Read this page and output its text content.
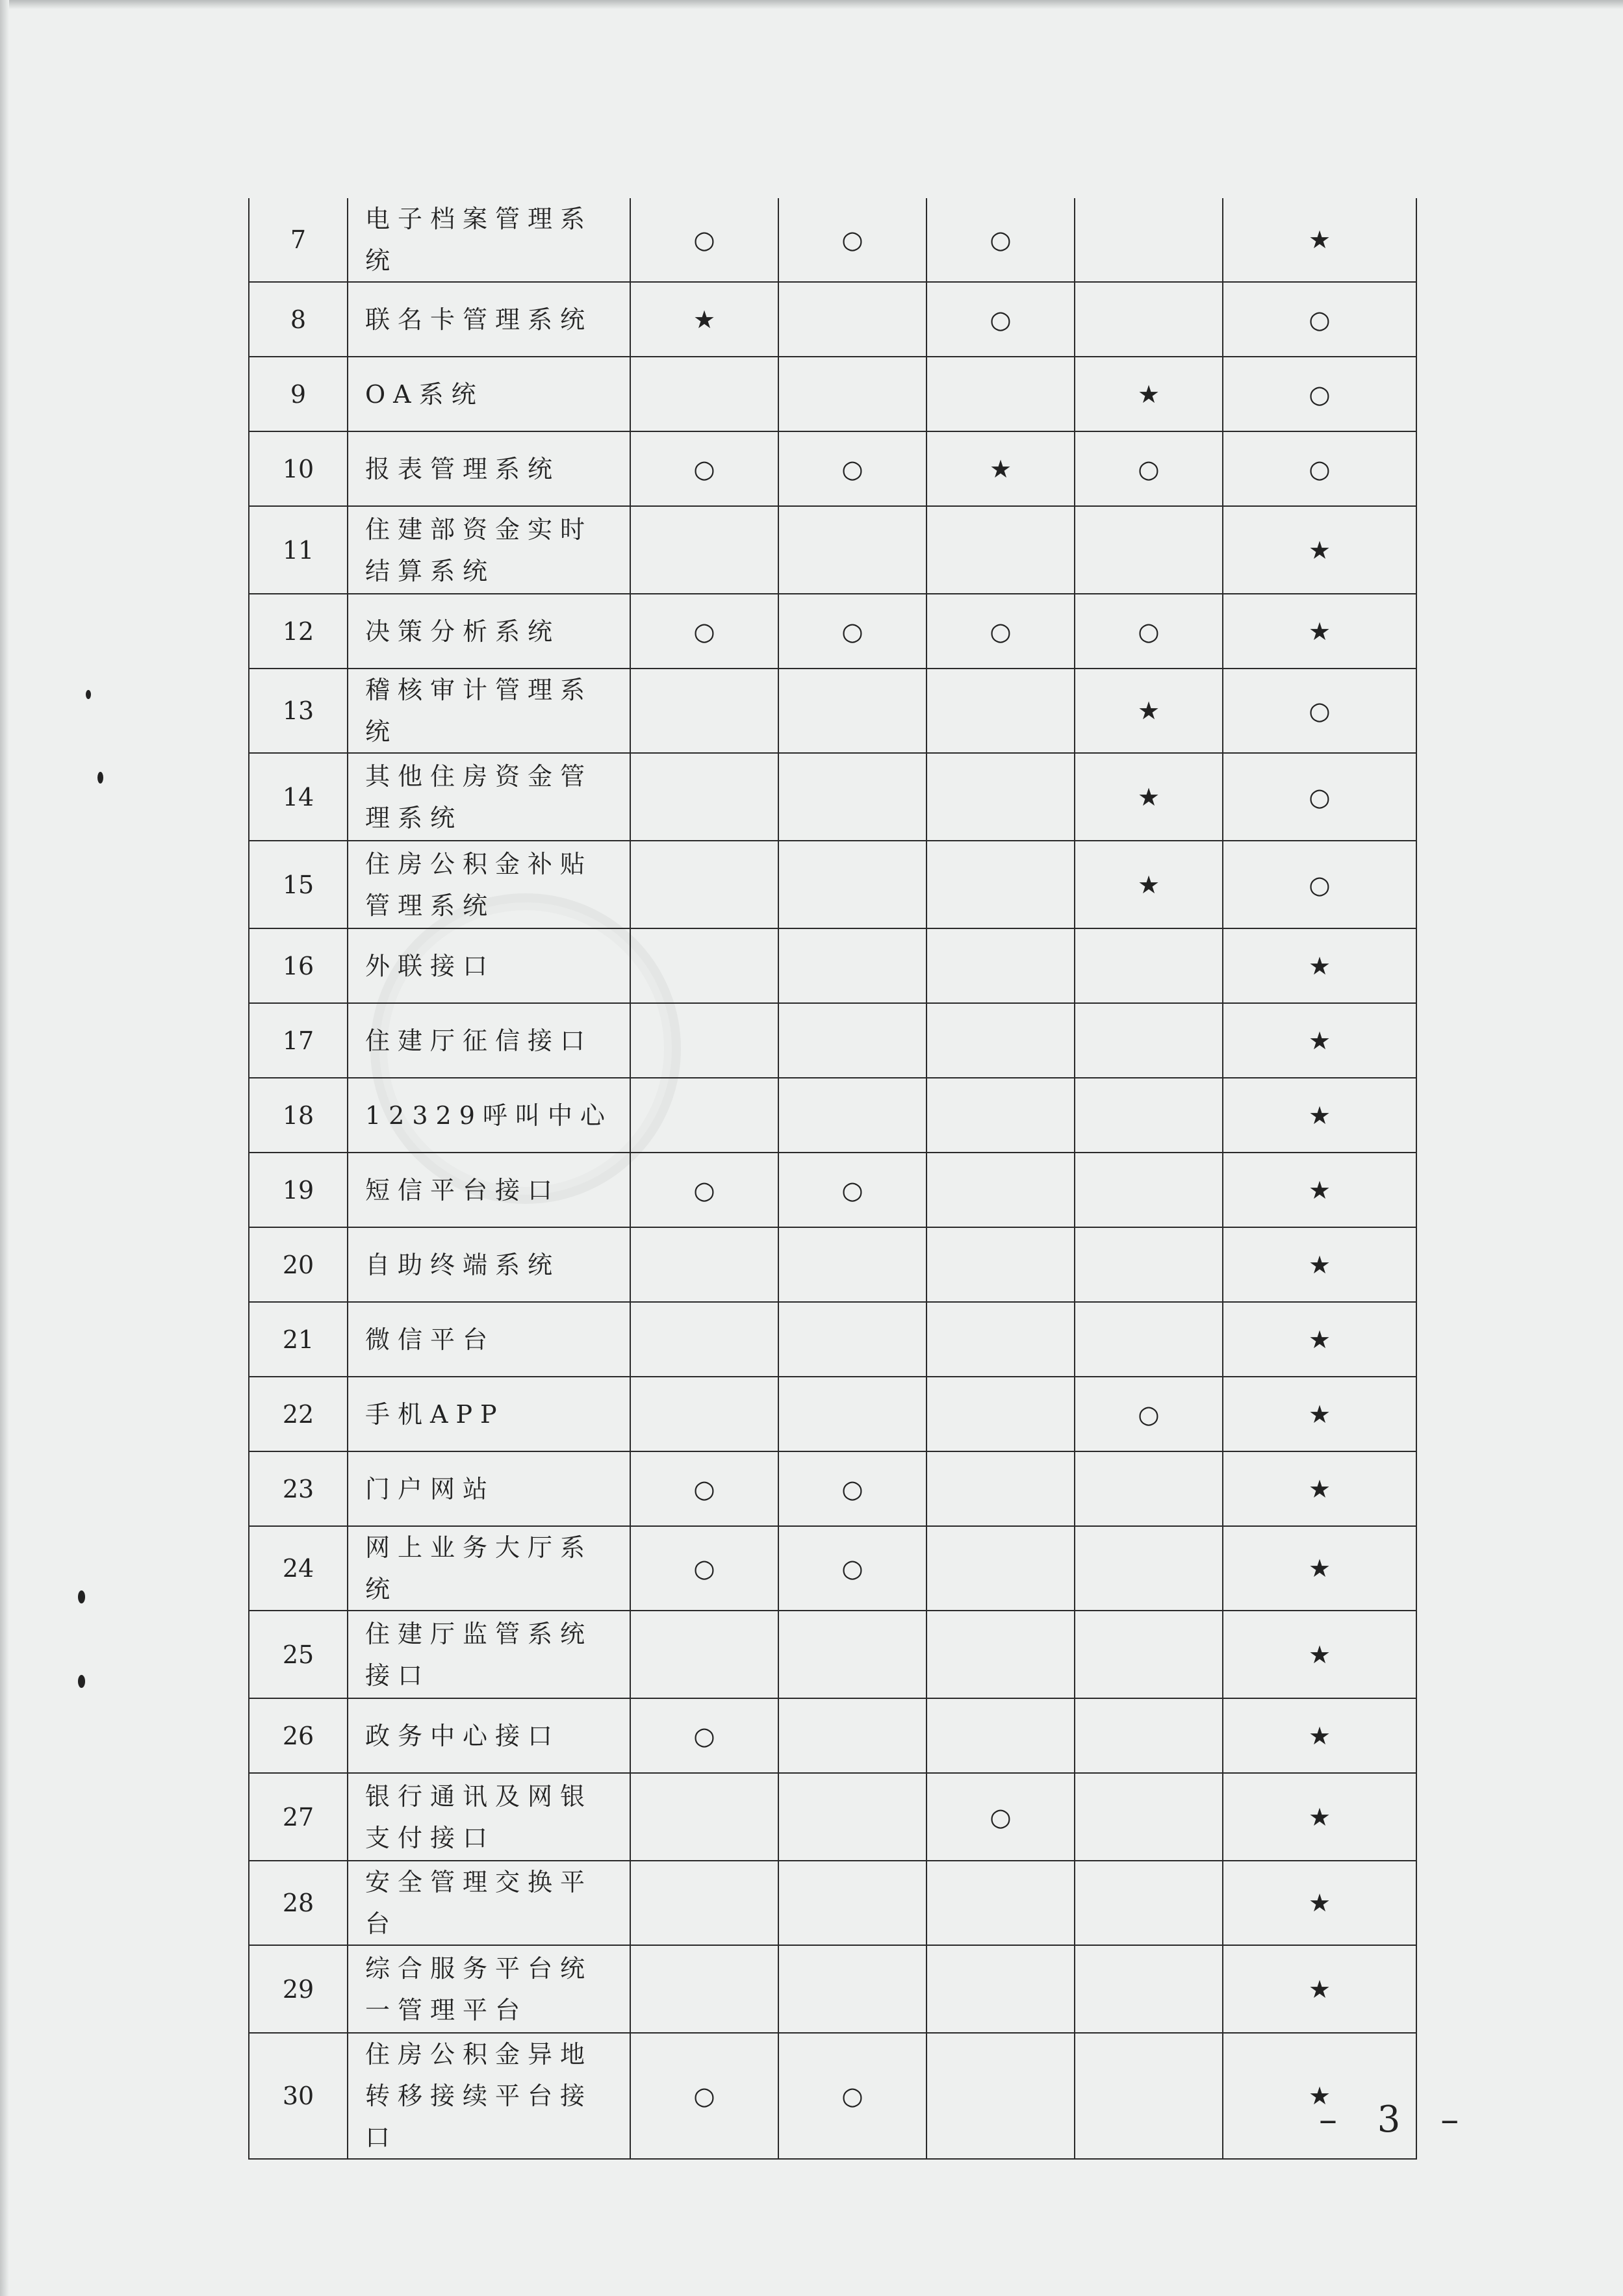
7	电子档案管理系统	○	○	○		★
8	联名卡管理系统	★		○		○
9	OA系统				★	○
10	报表管理系统	○	○	★	○	○
11	住建部资金实时结算系统					★
12	决策分析系统	○	○	○	○	★
13	稽核审计管理系统				★	○
14	其他住房资金管理系统				★	○
15	住房公积金补贴管理系统				★	○
16	外联接口					★
17	住建厅征信接口					★
18	12329呼叫中心					★
19	短信平台接口	○	○			★
20	自助终端系统					★
21	微信平台					★
22	手机APP				○	★
23	门户网站	○	○			★
24	网上业务大厅系统	○	○			★
25	住建厅监管系统接口					★
26	政务中心接口	○				★
27	银行通讯及网银支付接口			○		★
28	安全管理交换平台					★
29	综合服务平台统一管理平台					★
30	住房公积金异地转移接续平台接口	○	○			★
– 3 –
